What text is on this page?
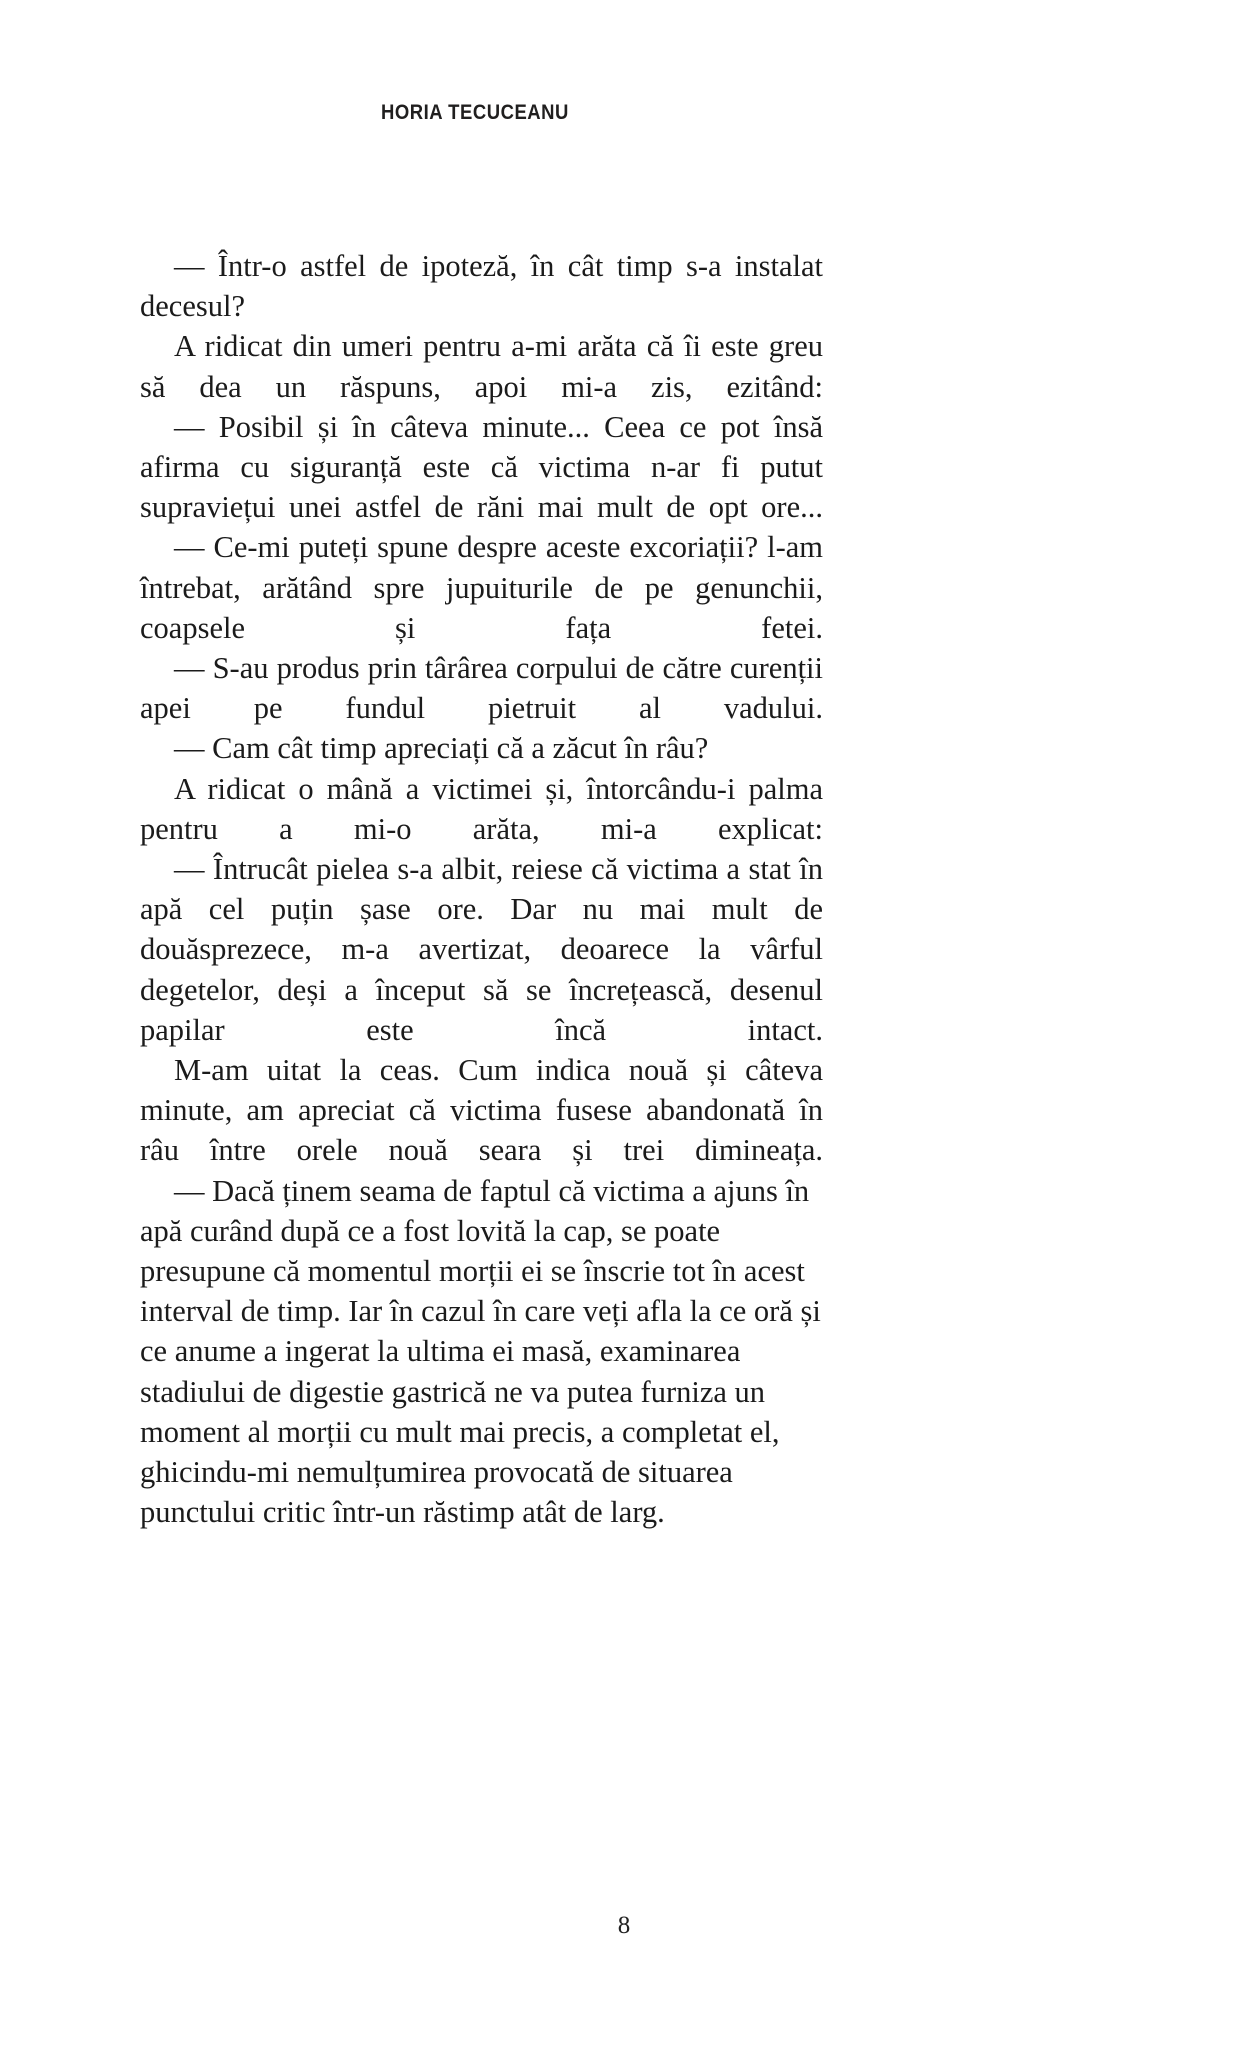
HORIA TECUCEANU

— Într-o astfel de ipoteză, în cât timp s-a instalat decesul?

A ridicat din umeri pentru a-mi arăta că îi este greu să dea un răspuns, apoi mi-a zis, ezitând:

— Posibil și în câteva minute... Ceea ce pot însă afirma cu siguranță este că victima n-ar fi putut supraviețui unei astfel de răni mai mult de opt ore...

— Ce-mi puteți spune despre aceste excoriații? l-am întrebat, arătând spre jupuiturile de pe genunchii, coapsele și fața fetei.

— S-au produs prin târârea corpului de către curenții apei pe fundul pietruit al vadului.

— Cam cât timp apreciați că a zăcut în râu?

A ridicat o mână a victimei și, întorcându-i palma pentru a mi-o arăta, mi-a explicat:

— Întrucât pielea s-a albit, reiese că victima a stat în apă cel puțin șase ore. Dar nu mai mult de douăsprezece, m-a avertizat, deoarece la vârful degetelor, deși a început să se încrețească, desenul papilar este încă intact.

M-am uitat la ceas. Cum indica nouă și câteva minute, am apreciat că victima fusese abandonată în râu între orele nouă seara și trei dimineața.

— Dacă ținem seama de faptul că victima a ajuns în apă curând după ce a fost lovită la cap, se poate presupune că momentul morții ei se înscrie tot în acest interval de timp. Iar în cazul în care veți afla la ce oră și ce anume a ingerat la ultima ei masă, examinarea stadiului de digestie gastrică ne va putea furniza un moment al morții cu mult mai precis, a completat el, ghicindu-mi nemulțumirea provocată de situarea punctului critic într-un răstimp atât de larg.

8
